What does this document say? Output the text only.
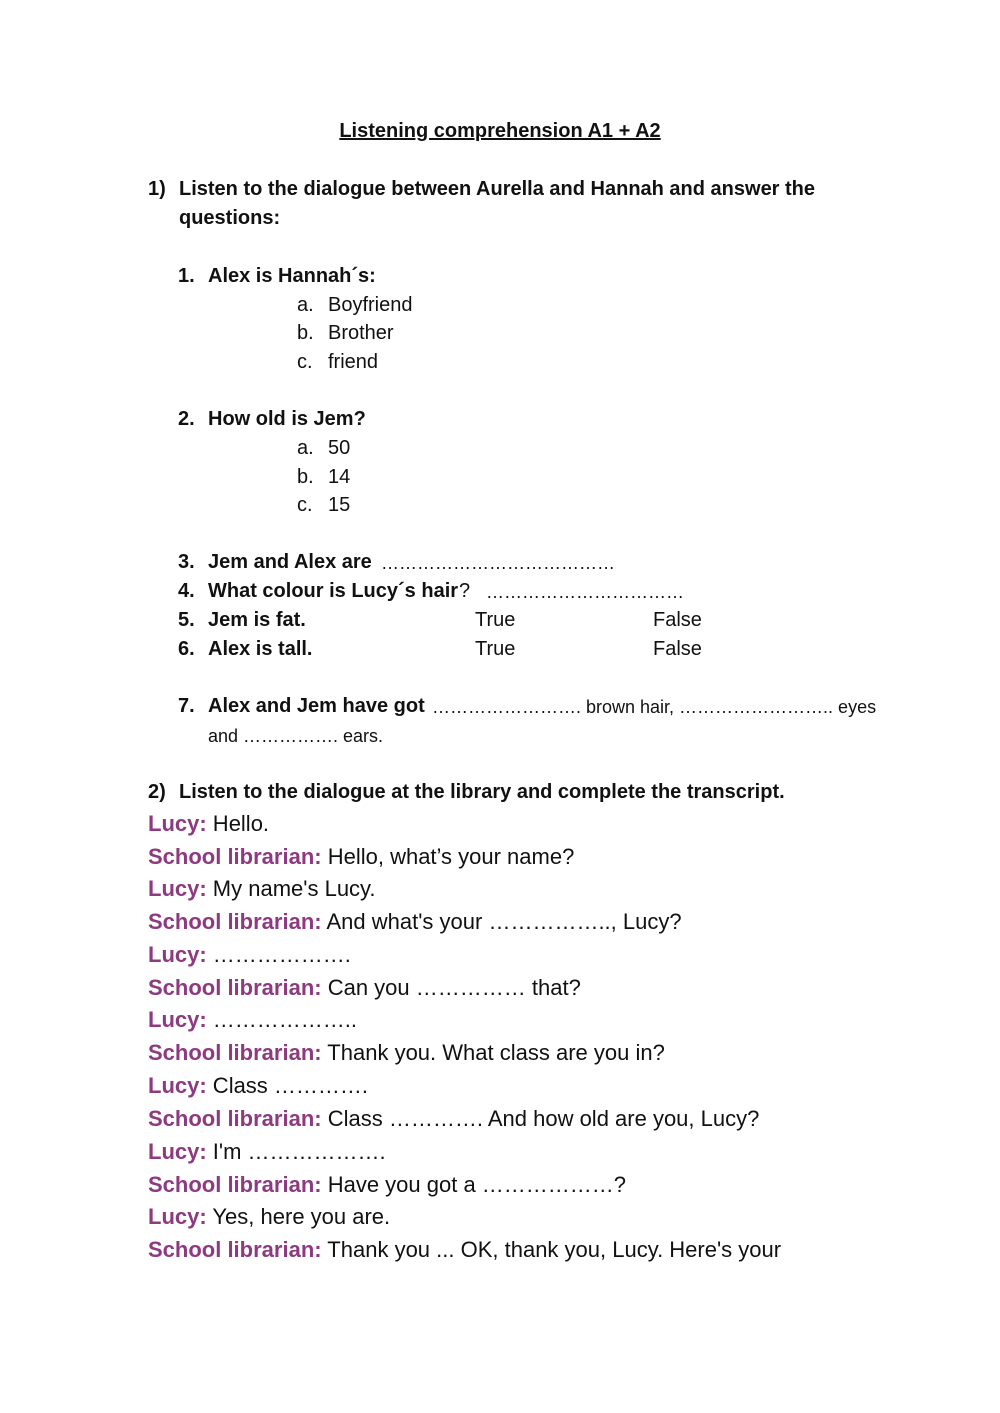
Listening comprehension A1 + A2
1) Listen to the dialogue between Aurella and Hannah and answer the
questions:
1. Alex is Hannah´s:
a. Boyfriend
b. Brother
c. friend
2. How old is Jem?
a. 50
b. 14
c. 15
3. Jem and Alex are …………………………………
4. What colour is Lucy´s hair ? ……………………………
5. Jem is fat.	True	False
6. Alex is tall.	True	False
7. Alex and Jem have got ……………………. brown hair, …………………….. eyes
and ……………. ears.
2) Listen to the dialogue at the library and complete the transcript.
Lucy: Hello.
School librarian: Hello, what’s your name?
Lucy: My name's Lucy.
School librarian: And what's your …………….., Lucy?
Lucy: ……………….
School librarian: Can you …………… that?
Lucy: ………………..
School librarian: Thank you. What class are you in?
Lucy: Class ………….
School librarian: Class …………. And how old are you, Lucy?
Lucy: I'm ……………….
School librarian: Have you got a ………………?
Lucy: Yes, here you are.
School librarian: Thank you ... OK, thank you, Lucy. Here's your
